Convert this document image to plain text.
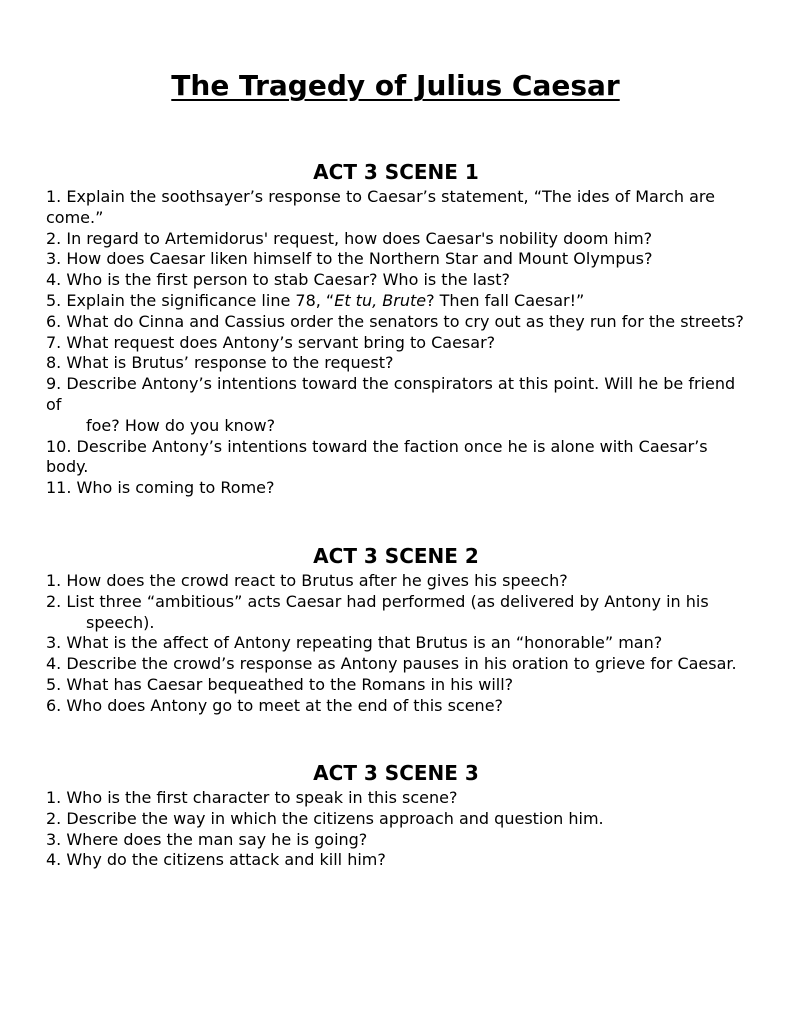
The Tragedy of Julius Caesar
ACT 3 SCENE 1

1. Explain the soothsayer’s response to Caesar’s statement, “The ides of March are come.”

2. In regard to Artemidorus' request, how does Caesar's nobility doom him?

3. How does Caesar liken himself to the Northern Star and Mount Olympus?

4. Who is the first person to stab Caesar? Who is the last?

5. Explain the significance line 78, “Et tu, Brute? Then fall Caesar!”

6. What do Cinna and Cassius order the senators to cry out as they run for the streets?

7. What request does Antony’s servant bring to Caesar?

8. What is Brutus’ response to the request?

9. Describe Antony’s intentions toward the conspirators at this point. Will he be friend of
foe? How do you know?

10. Describe Antony’s intentions toward the faction once he is alone with Caesar’s body.

11. Who is coming to Rome?

ACT 3 SCENE 2

1. How does the crowd react to Brutus after he gives his speech?

2. List three “ambitious” acts Caesar had performed (as delivered by Antony in his
speech).

3. What is the affect of Antony repeating that Brutus is an “honorable” man?

4. Describe the crowd’s response as Antony pauses in his oration to grieve for Caesar.

5. What has Caesar bequeathed to the Romans in his will?

6. Who does Antony go to meet at the end of this scene?

ACT 3 SCENE 3

1. Who is the first character to speak in this scene?

2. Describe the way in which the citizens approach and question him.

3. Where does the man say he is going?

4. Why do the citizens attack and kill him?
